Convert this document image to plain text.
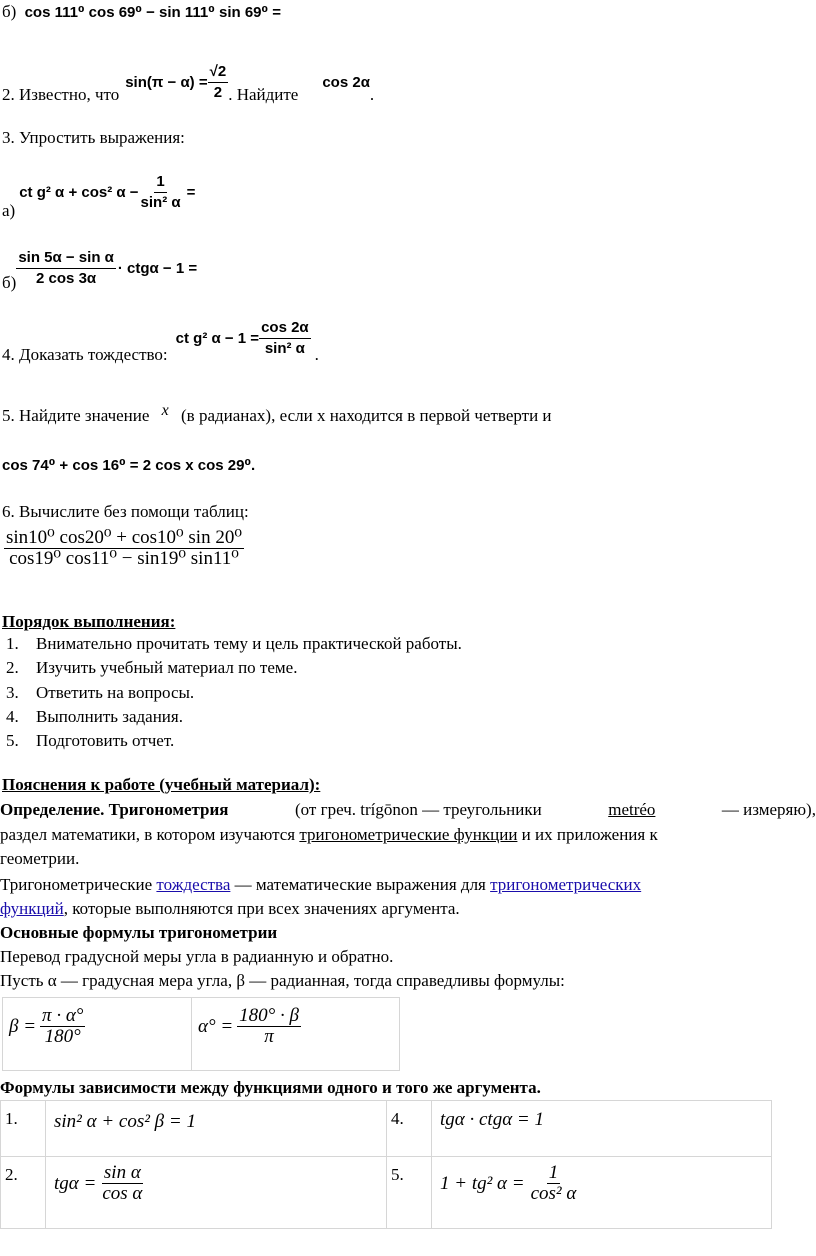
б) cos 111⁰ cos 69⁰ − sin 111⁰ sin 69⁰ =
2. Известно, что
$\sin(\pi - \alpha) = \frac{√2}{2}$ . Найдите
cos 2α
.
3. Упростить выражения:
а)
ct g² α + cos² $\alpha - \frac{1}{\text{sin² α}}$ =
$б) \frac{\text{sin 5α − sin α}}{2 \cos 3\alpha} \cdot ctg\alpha - 1$ =
4. Доказать тождество:
ct g² $\alpha - 1 = \frac{\cos 2\alpha}{\text{sin² α}}$ .
5. Найдите значение x (в радианах), если x находится в первой четверти и
cos 74⁰ + cos 16⁰ = 2 cos x cos 29⁰.
6. Вычислите без помощи таблиц:
$\frac{\text{sin10⁰ cos20⁰ + cos10⁰ sin 20⁰}}{\text{cos19⁰ cos11⁰ − sin19⁰ sin11⁰}}$
Порядок выполнения:
1. Внимательно прочитать тему и цель практической работы.
2. Изучить учебный материал по теме.
3. Ответить на вопросы.
4. Выполнить задания.
5. Подготовить отчет.
Пояснения к работе (учебный материал):
Определение. Тригонометрия	(от греч. trígōnon — треугольники	metréo	— измеряю),
раздел математики, в котором изучаются тригонометрические функции и их приложения к
геометрии.
Тригонометрические тождества — математические выражения для тригонометрических
функций, которые выполняются при всех значениях аргумента.
Основные формулы тригонометрии
Перевод градусной меры угла в радианную и обратно.
Пусть α — градусная мера угла, β — радианная, тогда справедливы формулы:
$\beta = \frac{\pi \cdot \alpha^\circ}{180^\circ}$	$\alpha^\circ = \frac{180^\circ \cdot \beta}{\pi}$
Формулы зависимости между функциями одного и того же аргумента.
1.	sin² α + cos² β = 1	4.	tgα · ctgα = 1

2.	$tg\alpha = \frac{\text{sin α}}{\text{cos α}}$	5.	1 + tg² $\alpha = \frac{1}{\text{cos² α}}$
